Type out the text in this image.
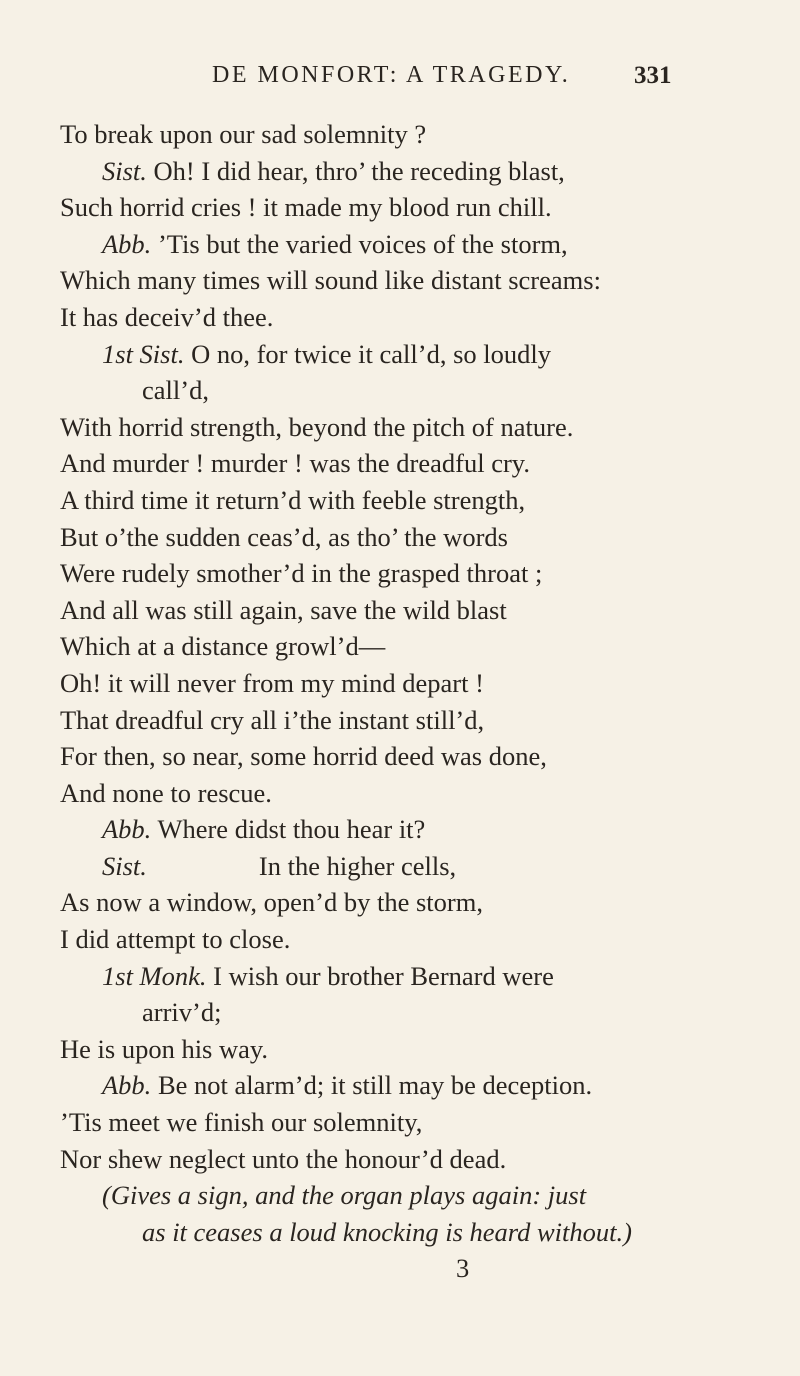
DE MONFORT: A TRAGEDY.	331
To break upon our sad solemnity ?
Sist. Oh! I did hear, thro’ the receding blast,
Such horrid cries ! it made my blood run chill.
Abb. ’Tis but the varied voices of the storm,
Which many times will sound like distant screams:
It has deceiv’d thee.
1st Sist. O no, for twice it call’d, so loudly
call’d,
With horrid strength, beyond the pitch of nature.
And murder ! murder ! was the dreadful cry.
A third time it return’d with feeble strength,
But o’the sudden ceas’d, as tho’ the words
Were rudely smother’d in the grasped throat ;
And all was still again, save the wild blast
Which at a distance growl’d—
Oh! it will never from my mind depart !
That dreadful cry all i’the instant still’d,
For then, so near, some horrid deed was done,
And none to rescue.
Abb. Where didst thou hear it?
Sist.	In the higher cells,
As now a window, open’d by the storm,
I did attempt to close.
1st Monk. I wish our brother Bernard were
arriv’d;
He is upon his way.
Abb. Be not alarm’d; it still may be deception.
’Tis meet we finish our solemnity,
Nor shew neglect unto the honour’d dead.
(Gives a sign, and the organ plays again: just
as it ceases a loud knocking is heard without.)
3
